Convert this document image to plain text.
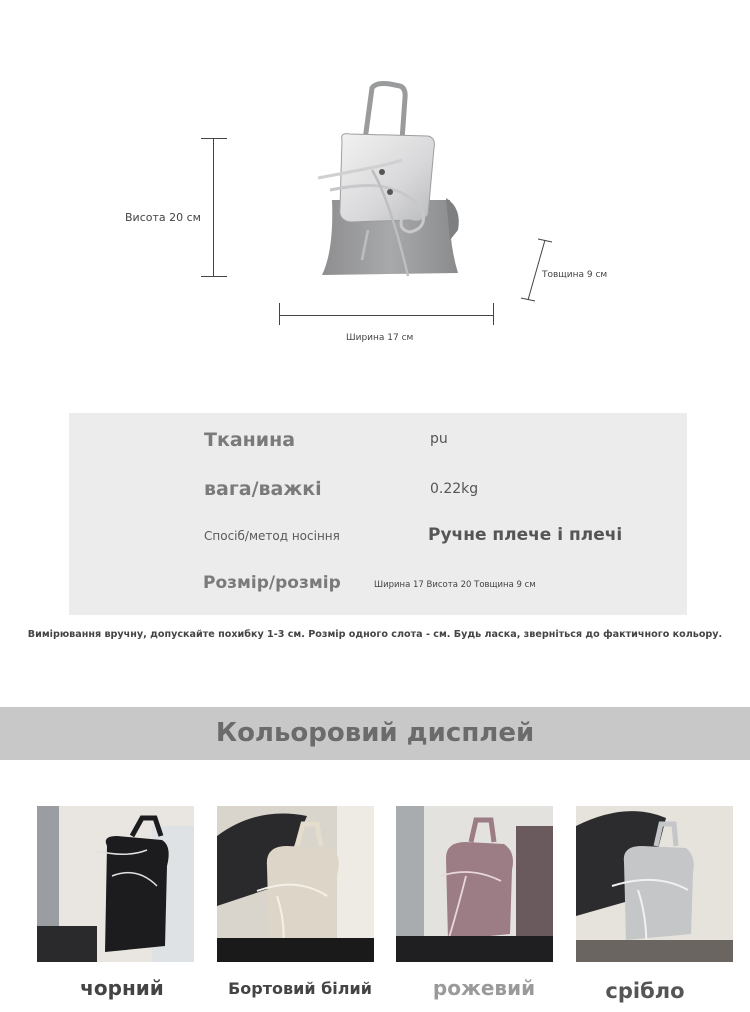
Висота 20 см
Ширина 17 см
Товщина 9 см
Тканина	pu
вага/важкі	0.22kg
Спосіб/метод носіння	Ручне плече і плечі
Розмір/розмір	Ширина 17 Висота 20 Товщина 9 см
Вимірювання вручну, допускайте похибку 1-3 см. Розмір одного слота - см. Будь ласка, зверніться до фактичного кольору.
Кольоровий дисплей
чорний	Бортовий білий	рожевий	срібло
